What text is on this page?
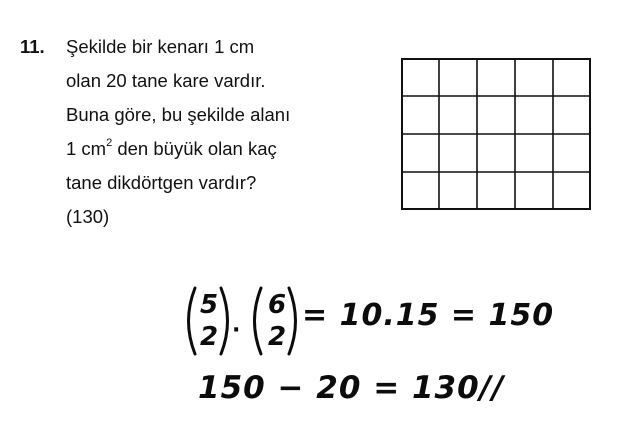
11. Şekilde bir kenarı 1 cm
olan 20 tane kare vardır.
Buna göre, bu şekilde alanı
1 $cm^2$ den büyük olan kaç
tane dikdörtgen vardır?
(130)
5
2 ·
6
2
= 10.15 = 150
150 − 20 = 130//
